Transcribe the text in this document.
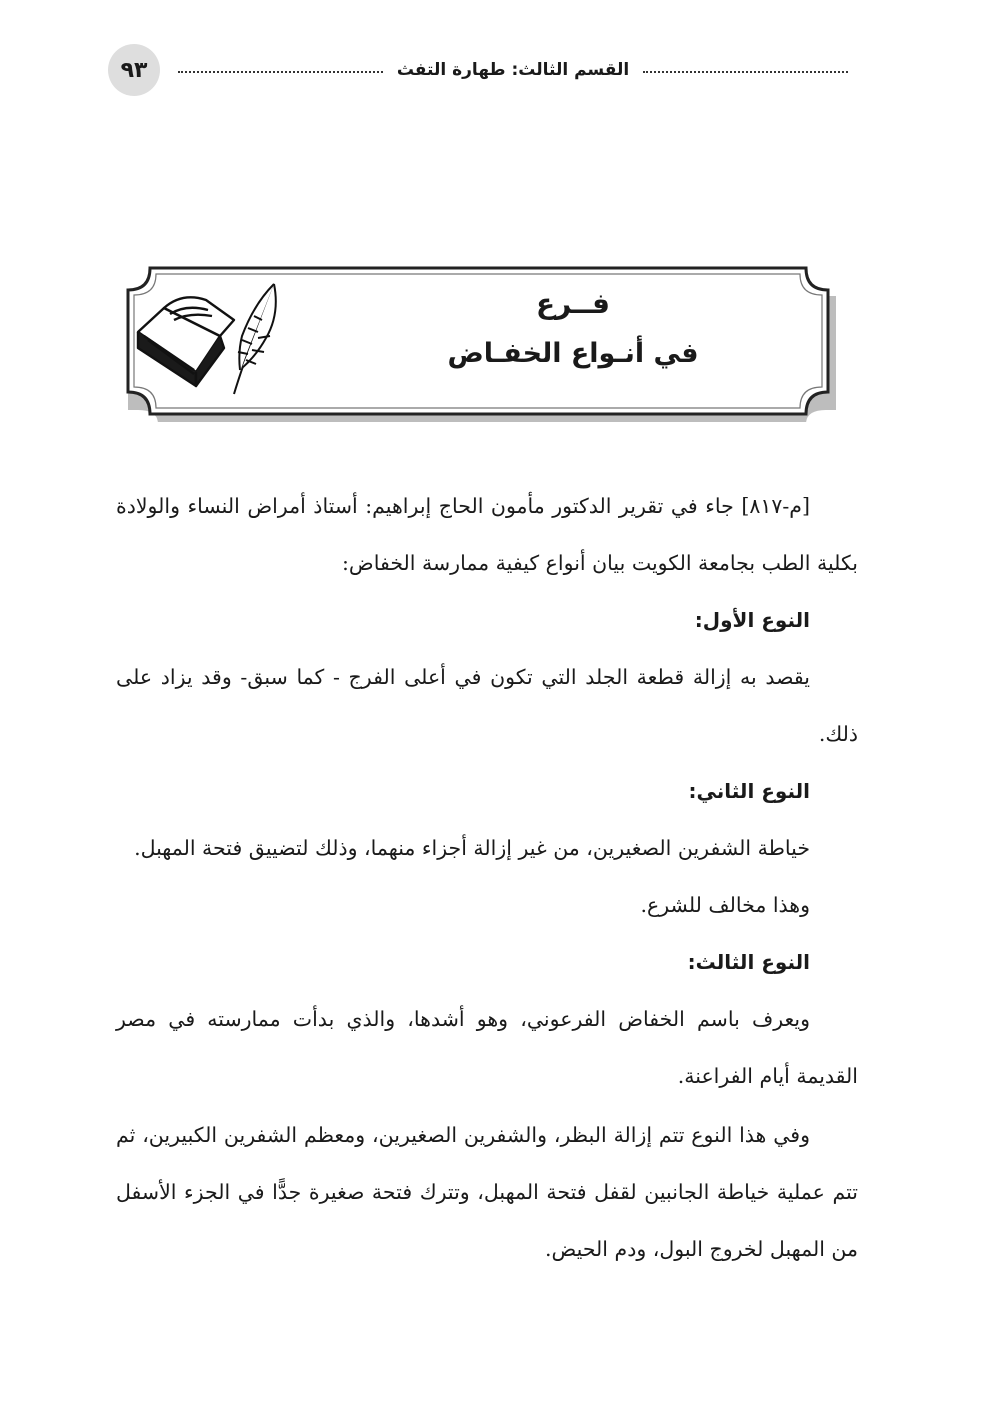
٩٣	القسم الثالث: طهارة التفث
فــرع
في أنـواع الخفـاض

[م-٨١٧] جاء في تقرير الدكتور مأمون الحاج إبراهيم: أستاذ أمراض النساء والولادة بكلية الطب بجامعة الكويت بيان أنواع كيفية ممارسة الخفاض:

النوع الأول:

يقصد به إزالة قطعة الجلد التي تكون في أعلى الفرج - كما سبق- وقد يزاد على ذلك.

النوع الثاني:

خياطة الشفرين الصغيرين، من غير إزالة أجزاء منهما، وذلك لتضييق فتحة المهبل.

وهذا مخالف للشرع.

النوع الثالث:

ويعرف باسم الخفاض الفرعوني، وهو أشدها، والذي بدأت ممارسته في مصر القديمة أيام الفراعنة.

وفي هذا النوع تتم إزالة البظر، والشفرين الصغيرين، ومعظم الشفرين الكبيرين، ثم تتم عملية خياطة الجانبين لقفل فتحة المهبل، وتترك فتحة صغيرة جدًّا في الجزء الأسفل من المهبل لخروج البول، ودم الحيض.
